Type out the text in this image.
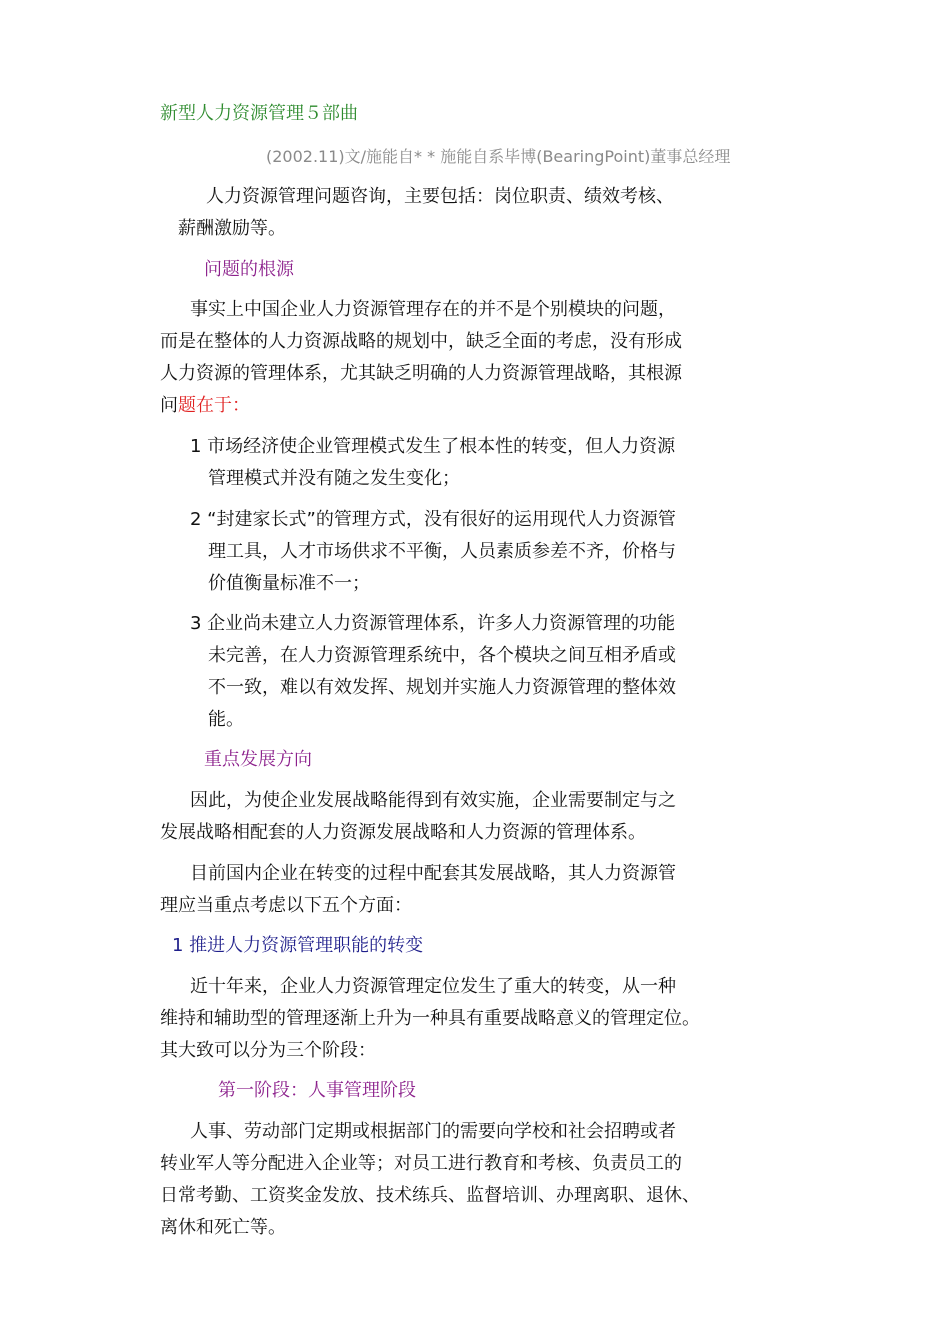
新型人力资源管理５部曲
(2002.11)文/施能自* * 施能自系毕博(BearingPoint)董事总经理
人力资源管理问题咨询，主要包括：岗位职责、绩效考核、
薪酬激励等。
问题的根源
事实上中国企业人力资源管理存在的并不是个别模块的问题，
而是在整体的人力资源战略的规划中，缺乏全面的考虑，没有形成
人力资源的管理体系，尤其缺乏明确的人力资源管理战略，其根源
问题在于：
1 市场经济使企业管理模式发生了根本性的转变，但人力资源
管理模式并没有随之发生变化；
2 “封建家长式”的管理方式，没有很好的运用现代人力资源管
理工具，人才市场供求不平衡，人员素质参差不齐，价格与
价值衡量标准不一；
3 企业尚未建立人力资源管理体系，许多人力资源管理的功能
未完善，在人力资源管理系统中，各个模块之间互相矛盾或
不一致，难以有效发挥、规划并实施人力资源管理的整体效
能。
重点发展方向
因此，为使企业发展战略能得到有效实施，企业需要制定与之
发展战略相配套的人力资源发展战略和人力资源的管理体系。
目前国内企业在转变的过程中配套其发展战略，其人力资源管
理应当重点考虑以下五个方面：
1 推进人力资源管理职能的转变
近十年来，企业人力资源管理定位发生了重大的转变，从一种
维持和辅助型的管理逐渐上升为一种具有重要战略意义的管理定位。
其大致可以分为三个阶段：
第一阶段：人事管理阶段
人事、劳动部门定期或根据部门的需要向学校和社会招聘或者
转业军人等分配进入企业等；对员工进行教育和考核、负责员工的
日常考勤、工资奖金发放、技术练兵、监督培训、办理离职、退休、
离休和死亡等。
